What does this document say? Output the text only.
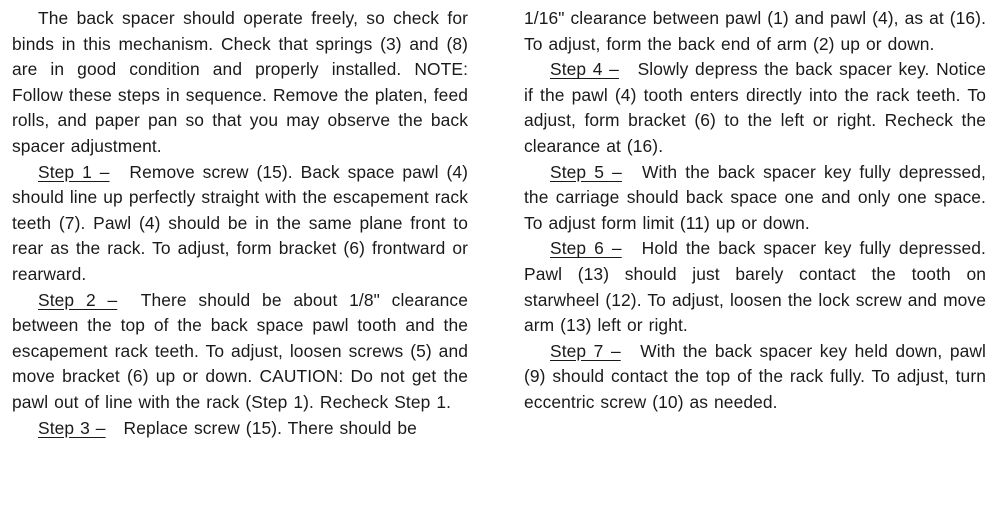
The back spacer should operate freely, so check for binds in this mechanism. Check that springs (3) and (8) are in good condition and properly installed. NOTE: Follow these steps in sequence. Remove the platen, feed rolls, and paper pan so that you may observe the back spacer adjustment.

Step 1 – Remove screw (15). Back space pawl (4) should line up perfectly straight with the escapement rack teeth (7). Pawl (4) should be in the same plane front to rear as the rack. To adjust, form bracket (6) frontward or rearward.

Step 2 – There should be about 1/8" clearance between the top of the back space pawl tooth and the escapement rack teeth. To adjust, loosen screws (5) and move bracket (6) up or down. CAUTION: Do not get the pawl out of line with the rack (Step 1). Recheck Step 1.

Step 3 – Replace screw (15). There should be

1/16" clearance between pawl (1) and pawl (4), as at (16). To adjust, form the back end of arm (2) up or down.

Step 4 – Slowly depress the back spacer key. Notice if the pawl (4) tooth enters directly into the rack teeth. To adjust, form bracket (6) to the left or right. Recheck the clearance at (16).

Step 5 – With the back spacer key fully depressed, the carriage should back space one and only one space. To adjust form limit (11) up or down.

Step 6 – Hold the back spacer key fully depressed. Pawl (13) should just barely contact the tooth on starwheel (12). To adjust, loosen the lock screw and move arm (13) left or right.

Step 7 – With the back spacer key held down, pawl (9) should contact the top of the rack fully. To adjust, turn eccentric screw (10) as needed.
